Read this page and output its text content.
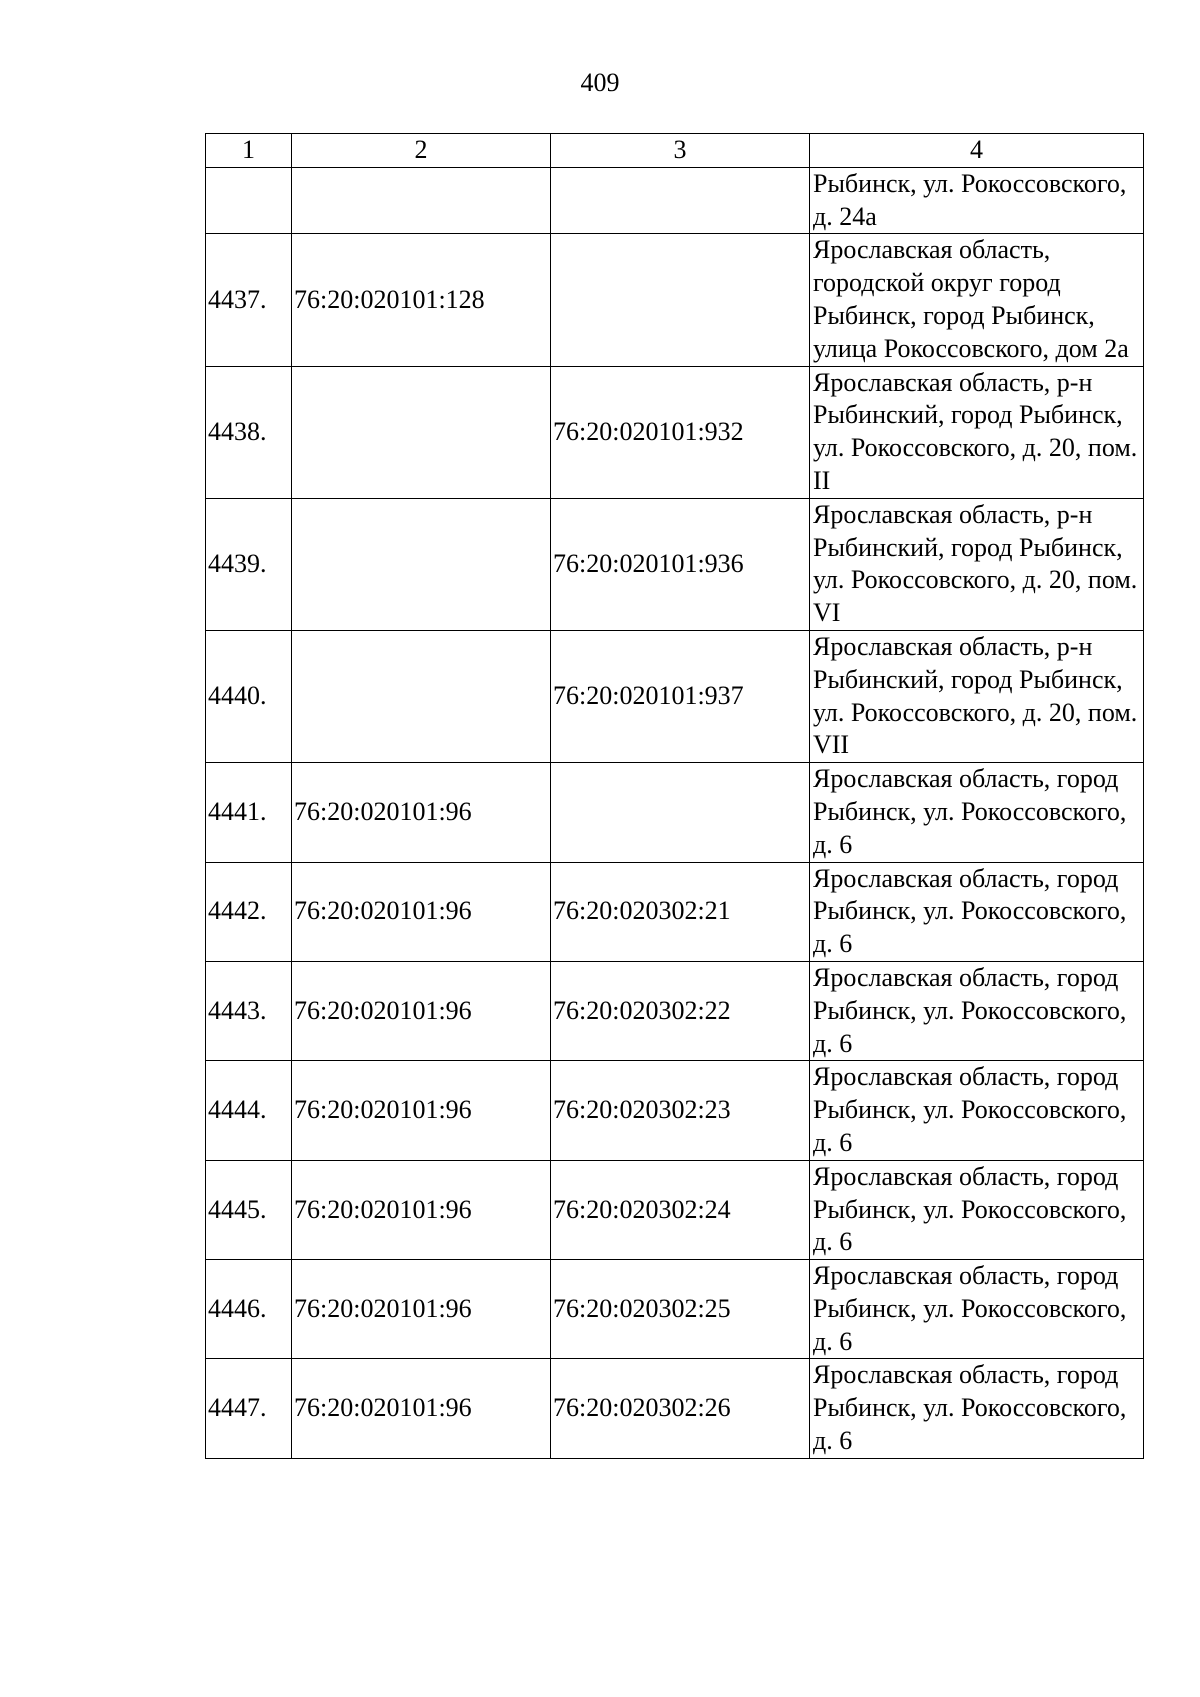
409
1	2	3	4
			Рыбинск, ул. Рокоссовского, д. 24а
4437.	76:20:020101:128		Ярославская область, городской округ город Рыбинск, город Рыбинск, улица Рокоссовского, дом 2а
4438.		76:20:020101:932	Ярославская область, р-н Рыбинский, город Рыбинск, ул. Рокоссовского, д. 20, пом. II
4439.		76:20:020101:936	Ярославская область, р-н Рыбинский, город Рыбинск, ул. Рокоссовского, д. 20, пом. VI
4440.		76:20:020101:937	Ярославская область, р-н Рыбинский, город Рыбинск, ул. Рокоссовского, д. 20, пом. VII
4441.	76:20:020101:96		Ярославская область, город Рыбинск, ул. Рокоссовского, д. 6
4442.	76:20:020101:96	76:20:020302:21	Ярославская область, город Рыбинск, ул. Рокоссовского, д. 6
4443.	76:20:020101:96	76:20:020302:22	Ярославская область, город Рыбинск, ул. Рокоссовского, д. 6
4444.	76:20:020101:96	76:20:020302:23	Ярославская область, город Рыбинск, ул. Рокоссовского, д. 6
4445.	76:20:020101:96	76:20:020302:24	Ярославская область, город Рыбинск, ул. Рокоссовского, д. 6
4446.	76:20:020101:96	76:20:020302:25	Ярославская область, город Рыбинск, ул. Рокоссовского, д. 6
4447.	76:20:020101:96	76:20:020302:26	Ярославская область, город Рыбинск, ул. Рокоссовского, д. 6
